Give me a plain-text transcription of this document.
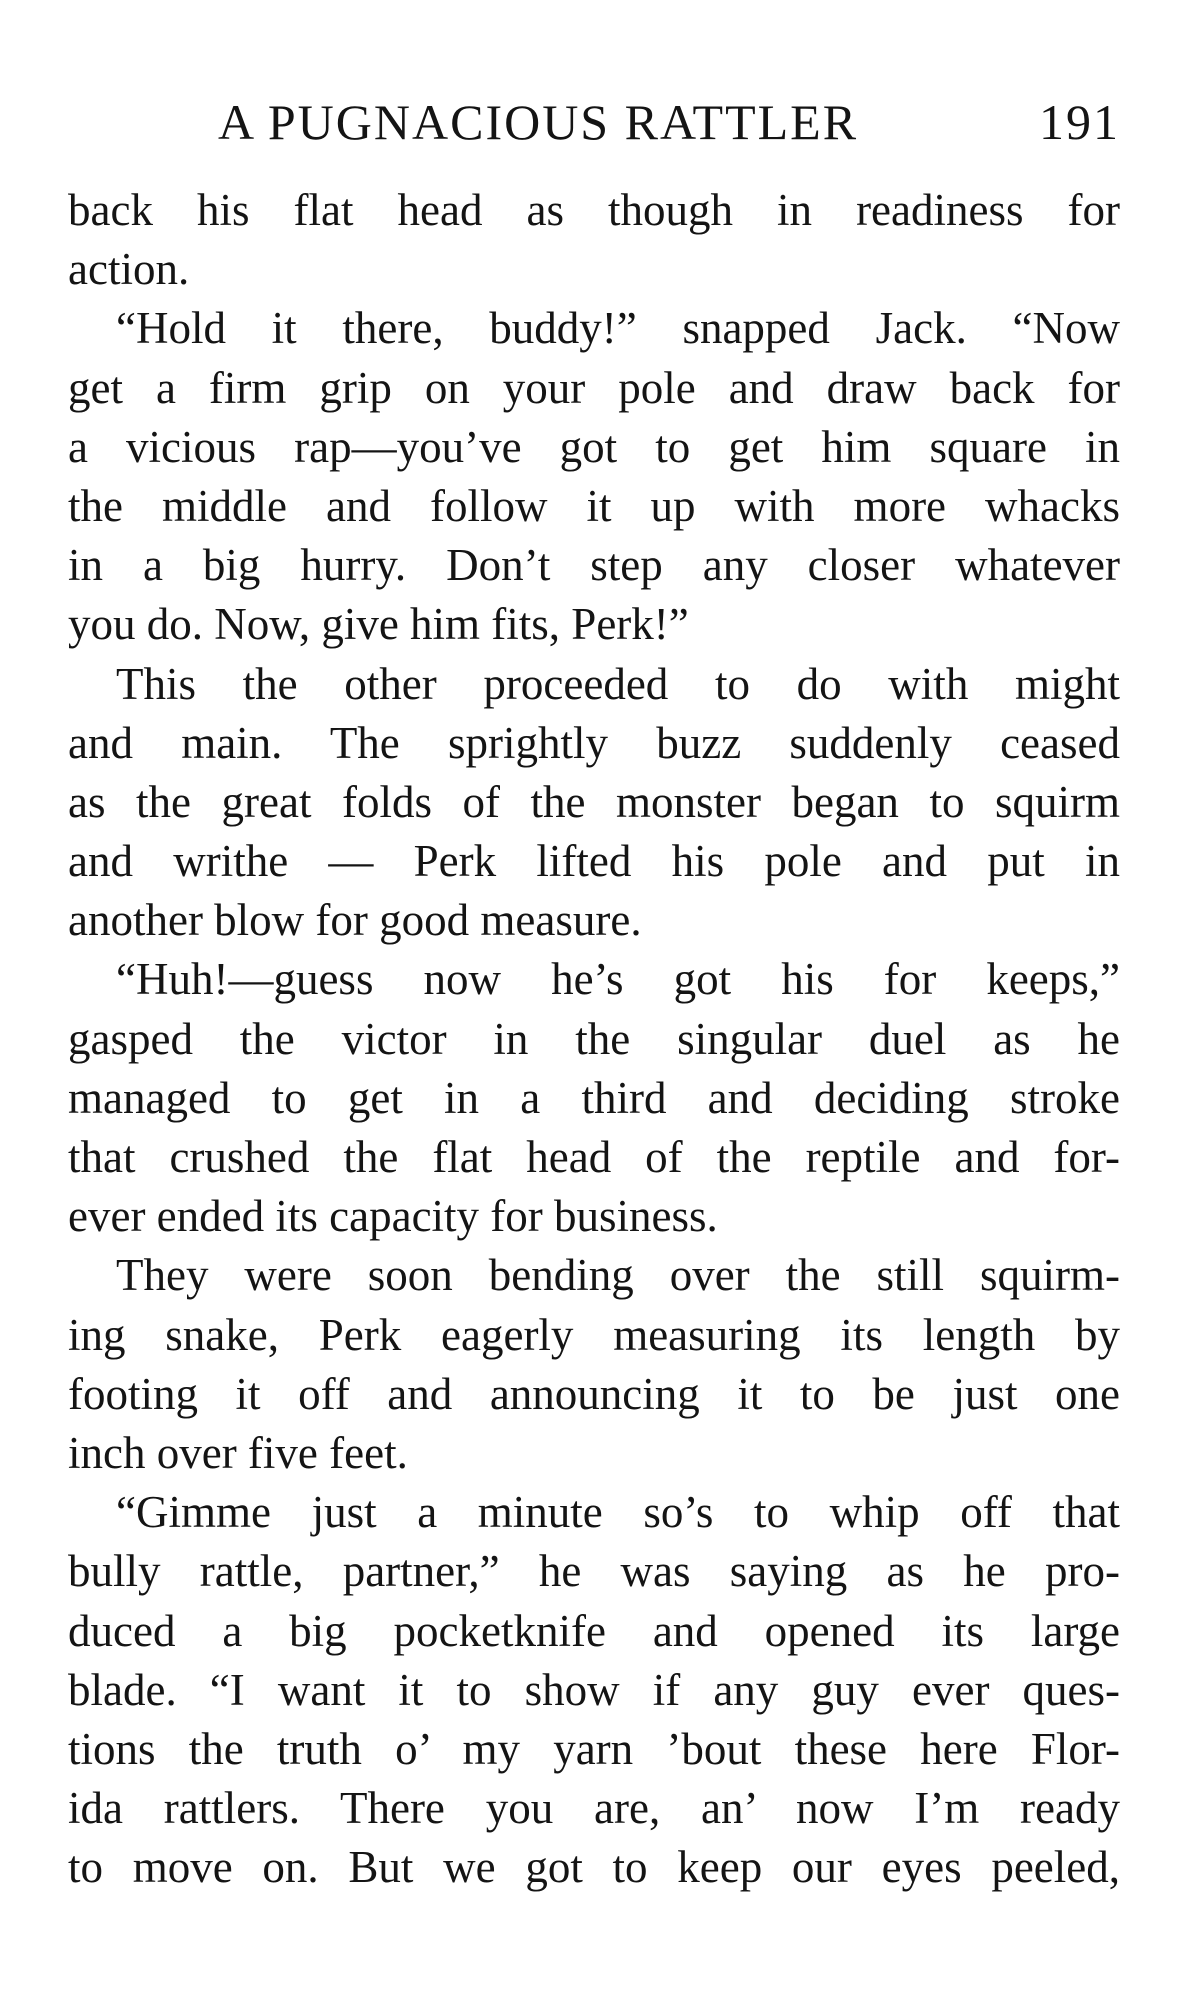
A PUGNACIOUS RATTLER	191
back his flat head as though in readiness for
action.
“Hold it there, buddy!” snapped Jack. “Now
get a firm grip on your pole and draw back for
a vicious rap—you’ve got to get him square in
the middle and follow it up with more whacks
in a big hurry. Don’t step any closer whatever
you do. Now, give him fits, Perk!”
This the other proceeded to do with might
and main. The sprightly buzz suddenly ceased
as the great folds of the monster began to squirm
and writhe — Perk lifted his pole and put in
another blow for good measure.
“Huh!—guess now he’s got his for keeps,”
gasped the victor in the singular duel as he
managed to get in a third and deciding stroke
that crushed the flat head of the reptile and for-
ever ended its capacity for business.
They were soon bending over the still squirm-
ing snake, Perk eagerly measuring its length by
footing it off and announcing it to be just one
inch over five feet.
“Gimme just a minute so’s to whip off that
bully rattle, partner,” he was saying as he pro-
duced a big pocketknife and opened its large
blade. “I want it to show if any guy ever ques-
tions the truth o’ my yarn ’bout these here Flor-
ida rattlers. There you are, an’ now I’m ready
to move on. But we got to keep our eyes peeled,
